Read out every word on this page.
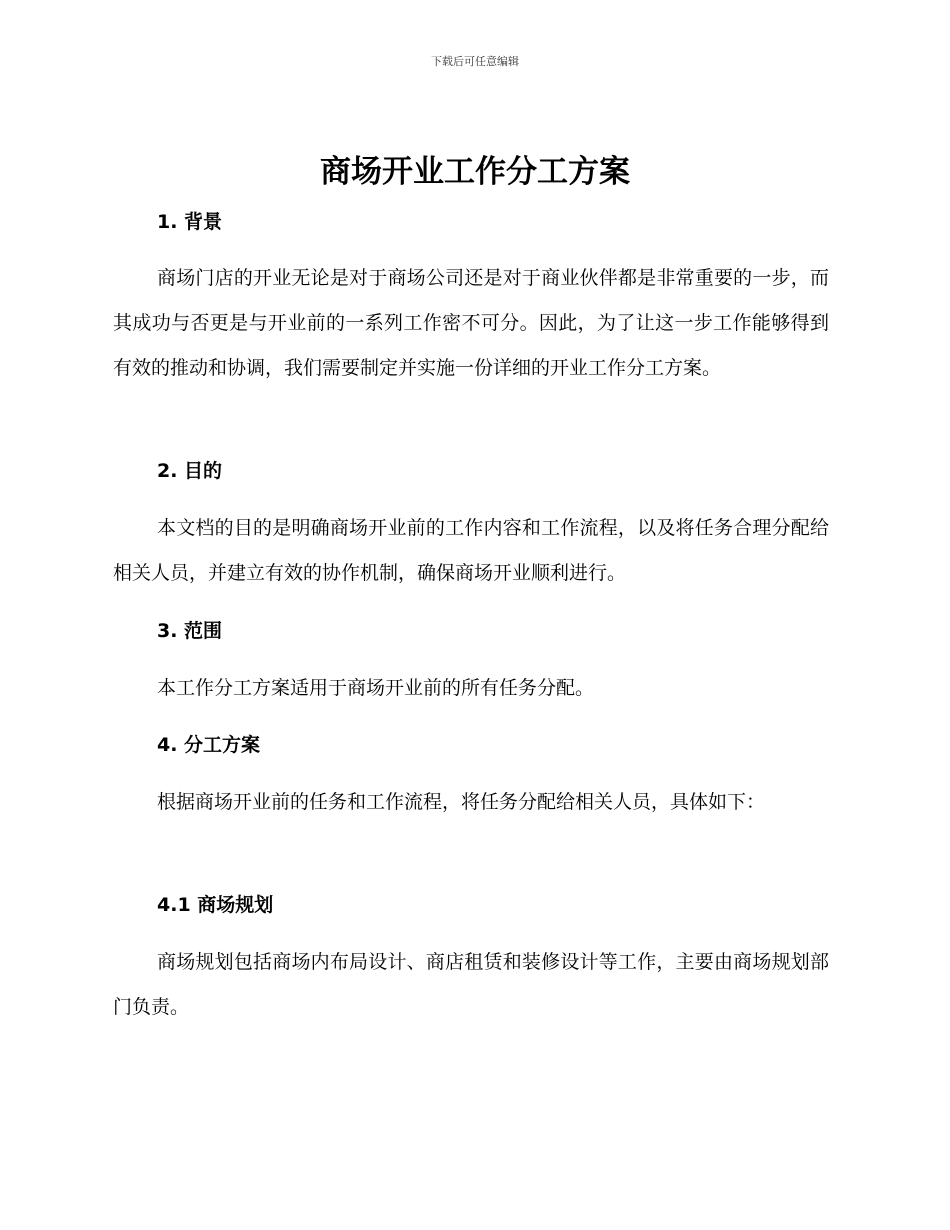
下载后可任意编辑
商场开业工作分工方案
1. 背景

商场门店的开业无论是对于商场公司还是对于商业伙伴都是非常重要的一步，而其成功与否更是与开业前的一系列工作密不可分。因此，为了让这一步工作能够得到有效的推动和协调，我们需要制定并实施一份详细的开业工作分工方案。

2. 目的

本文档的目的是明确商场开业前的工作内容和工作流程，以及将任务合理分配给相关人员，并建立有效的协作机制，确保商场开业顺利进行。

3. 范围

本工作分工方案适用于商场开业前的所有任务分配。

4. 分工方案

根据商场开业前的任务和工作流程，将任务分配给相关人员，具体如下：

4.1 商场规划

商场规划包括商场内布局设计、商店租赁和装修设计等工作，主要由商场规划部门负责。
